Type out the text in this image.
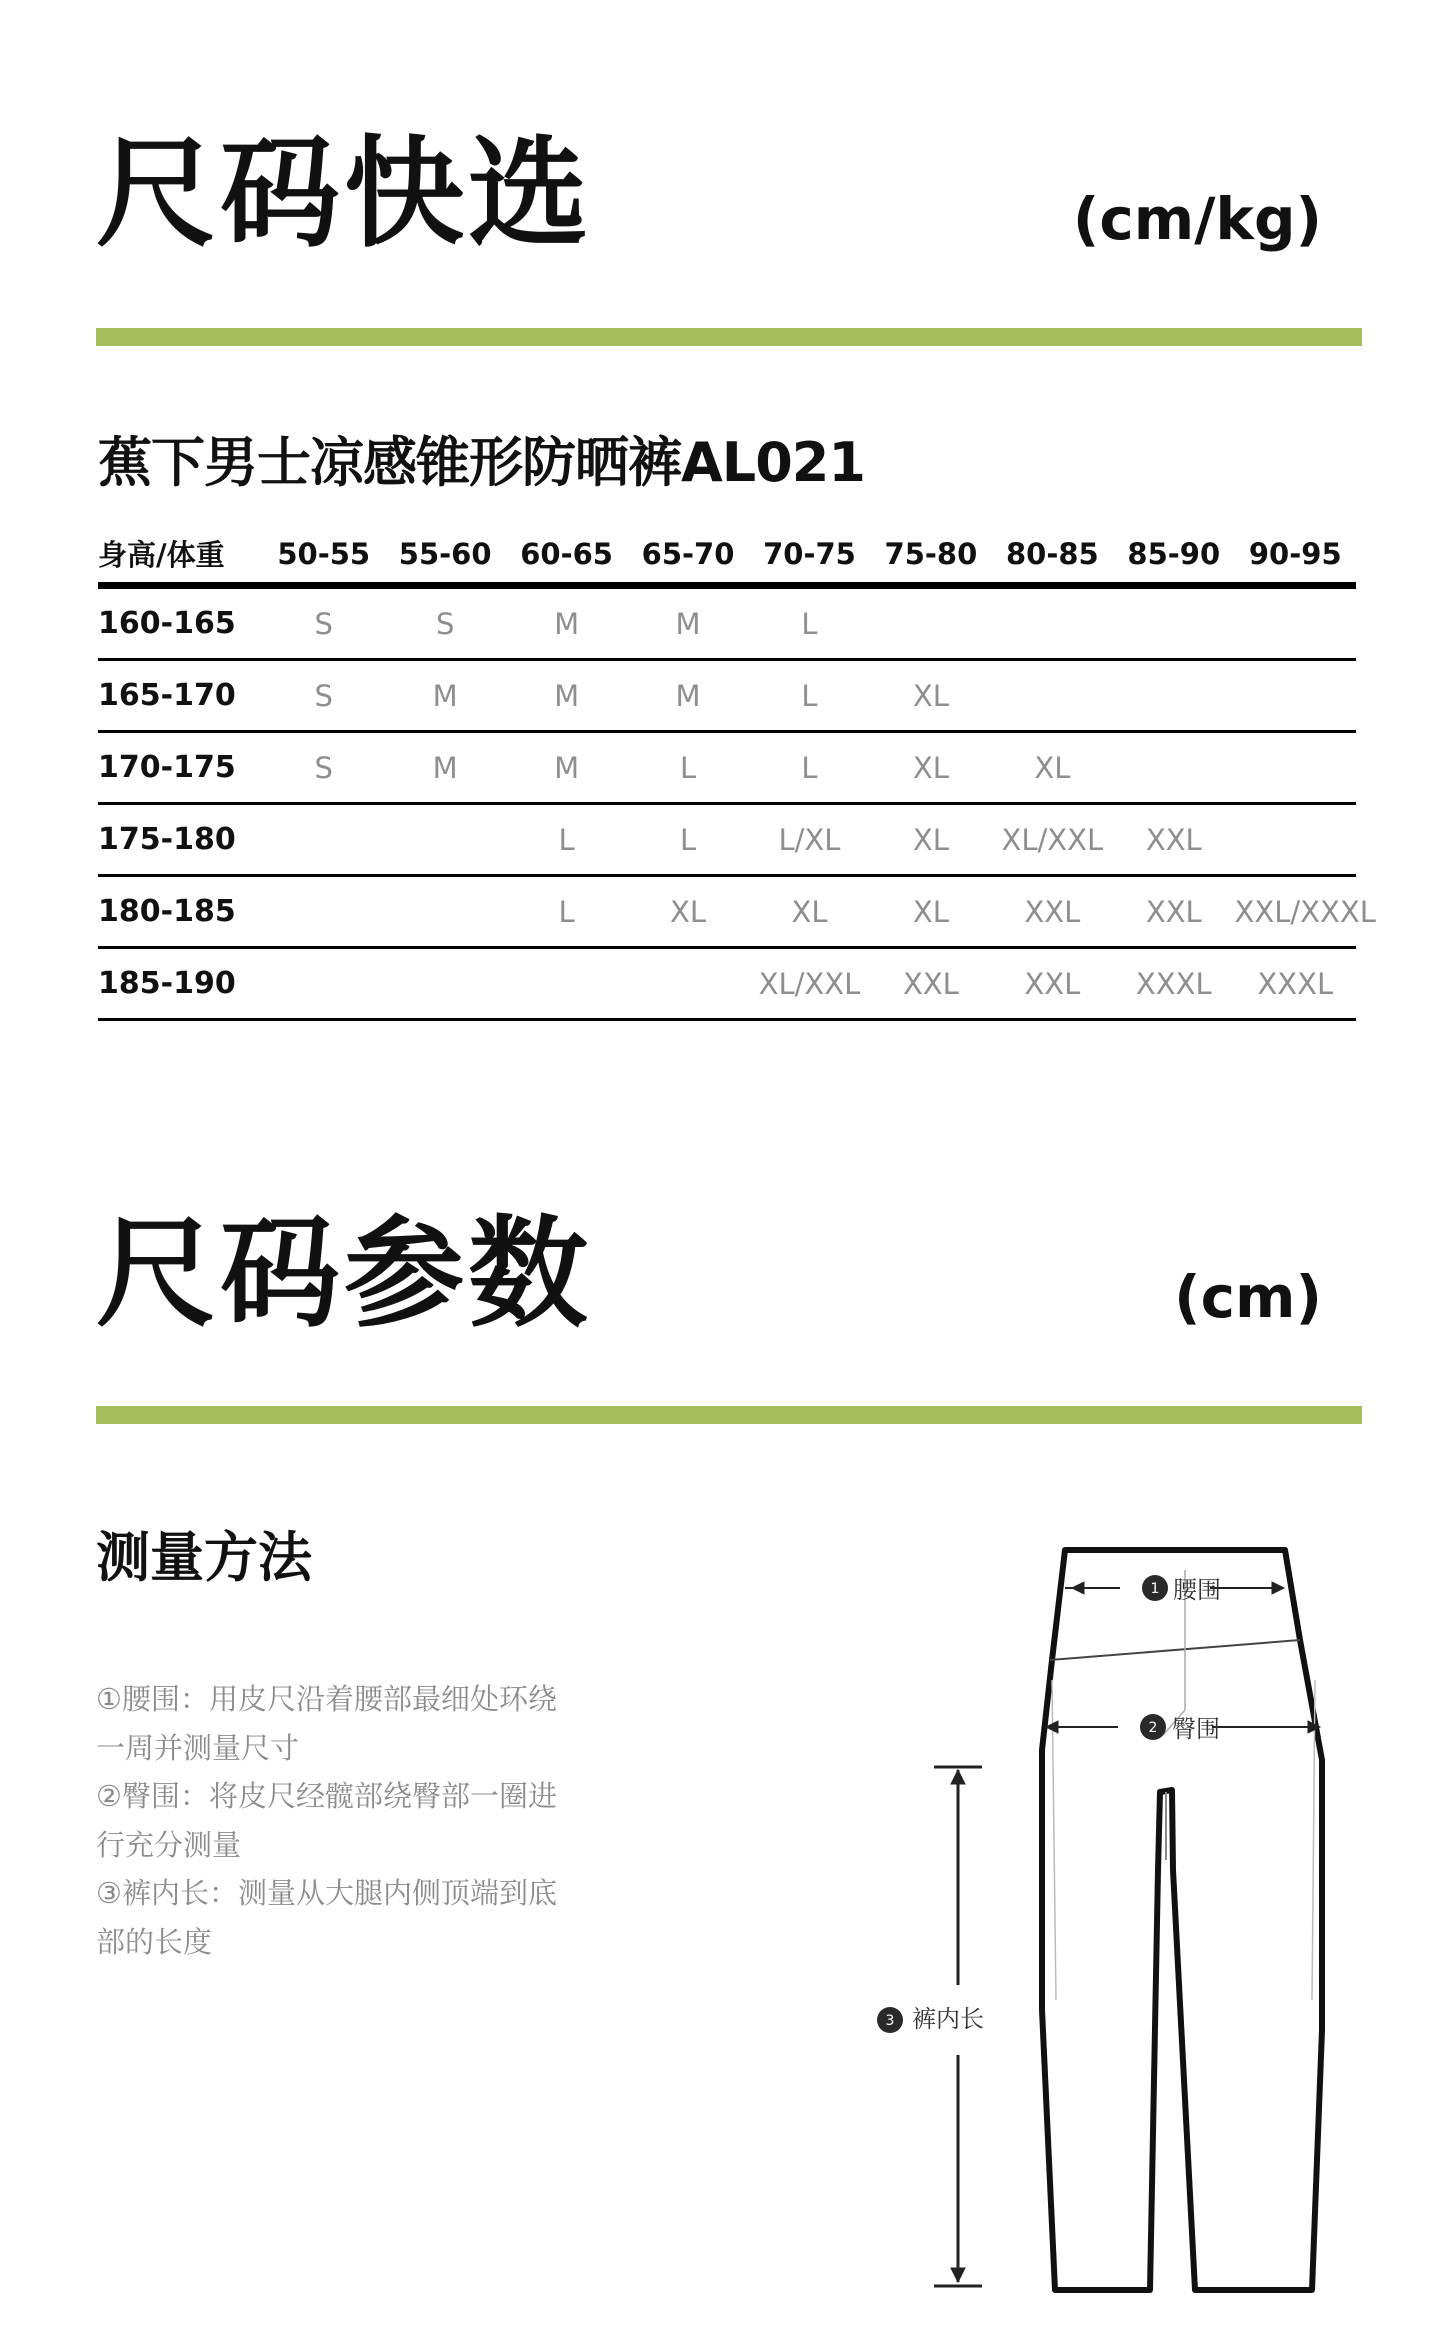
尺码快选	(cm/kg)
蕉下男士凉感锥形防晒裤AL021
身高/体重	50-55	55-60	60-65	65-70	70-75	75-80	80-85	85-90	90-95
160-165	S	S	M	M	L				
165-170	S	M	M	M	L	XL			
170-175	S	M	M	L	L	XL	XL		
175-180			L	L	L/XL	XL	XL/XXL	XXL	
180-185			L	XL	XL	XL	XXL	XXL	XXL/XXXL
185-190					XL/XXL	XXL	XXL	XXXL	XXXL
尺码参数	(cm)
测量方法
①腰围：用皮尺沿着腰部最细处环绕
一周并测量尺寸
②臀围：将皮尺经髋部绕臀部一圈进
行充分测量
③裤内长：测量从大腿内侧顶端到底
部的长度
1 腰围
2 臀围
3 裤内长
